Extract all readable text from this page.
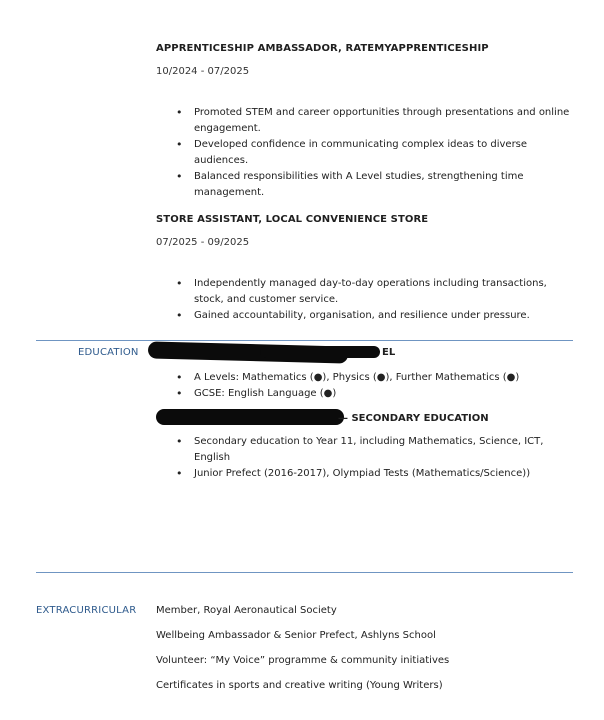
APPRENTICESHIP AMBASSADOR, RATEMYAPPRENTICESHIP
10/2024 - 07/2025
• Promoted STEM and career opportunities through presentations and online engagement.
• Developed confidence in communicating complex ideas to diverse audiences.
• Balanced responsibilities with A Level studies, strengthening time management.
STORE ASSISTANT, LOCAL CONVENIENCE STORE
07/2025 - 09/2025
• Independently managed day-to-day operations including transactions, stock, and customer service.
• Gained accountability, organisation, and resilience under pressure.
EDUCATION	EL
• A Levels: Mathematics (●), Physics (●), Further Mathematics (●)
• GCSE: English Language (●)
— SECONDARY EDUCATION
• Secondary education to Year 11, including Mathematics, Science, ICT, English
• Junior Prefect (2016-2017), Olympiad Tests (Mathematics/Science))
EXTRACURRICULAR Member, Royal Aeronautical Society
Wellbeing Ambassador & Senior Prefect, Ashlyns School
Volunteer: “My Voice” programme & community initiatives
Certificates in sports and creative writing (Young Writers)
